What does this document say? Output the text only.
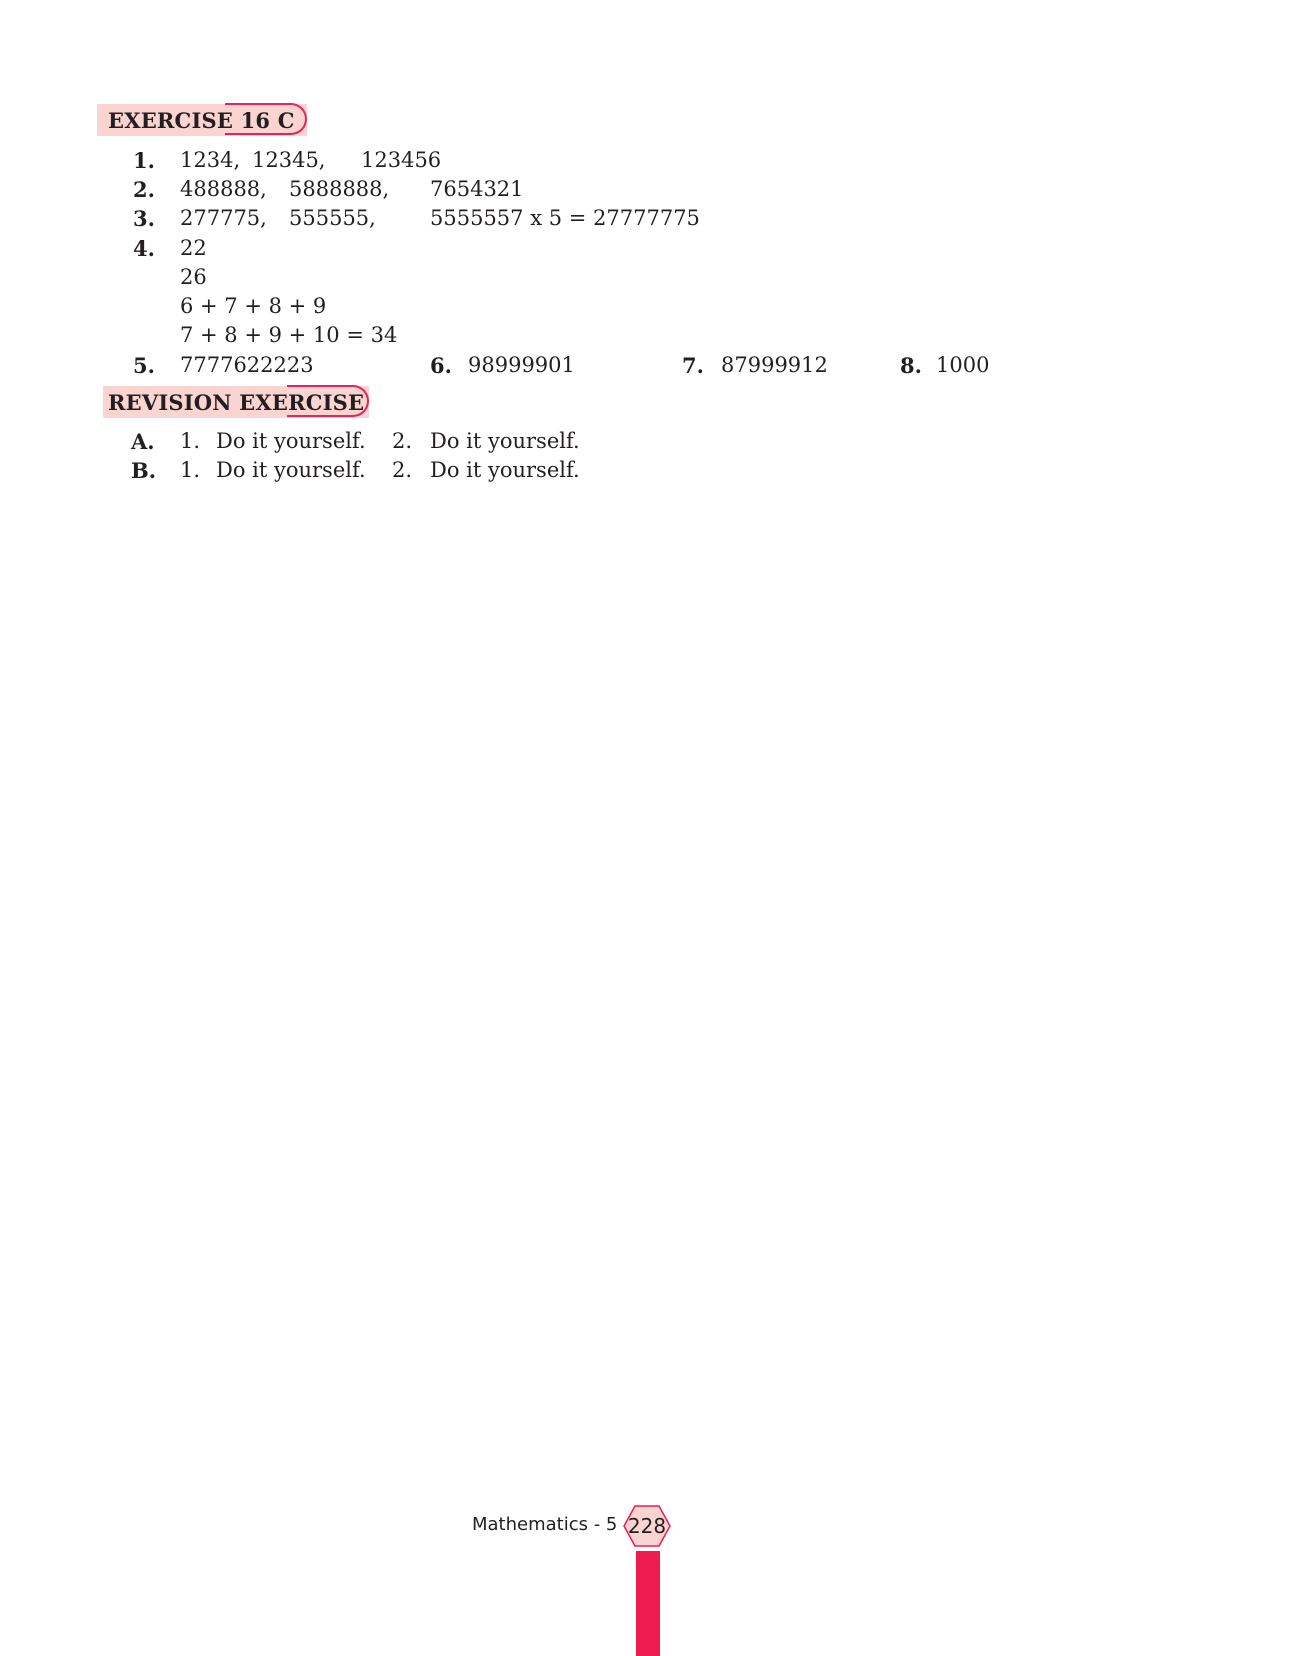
EXERCISE 16 C
1. 1234, 12345, 123456
2. 488888, 5888888, 7654321
3. 277775, 555555,	5555557 x 5 = 27777775
4. 22
26
6 + 7 + 8 + 9
7 + 8 + 9 + 10 = 34
5. 7777622223	6. 98999901	7. 87999912	8. 1000
REVISION EXERCISE
A. 1. Do it yourself. 2. Do it yourself.
B. 1. Do it yourself. 2. Do it yourself.
Mathematics - 5 228
